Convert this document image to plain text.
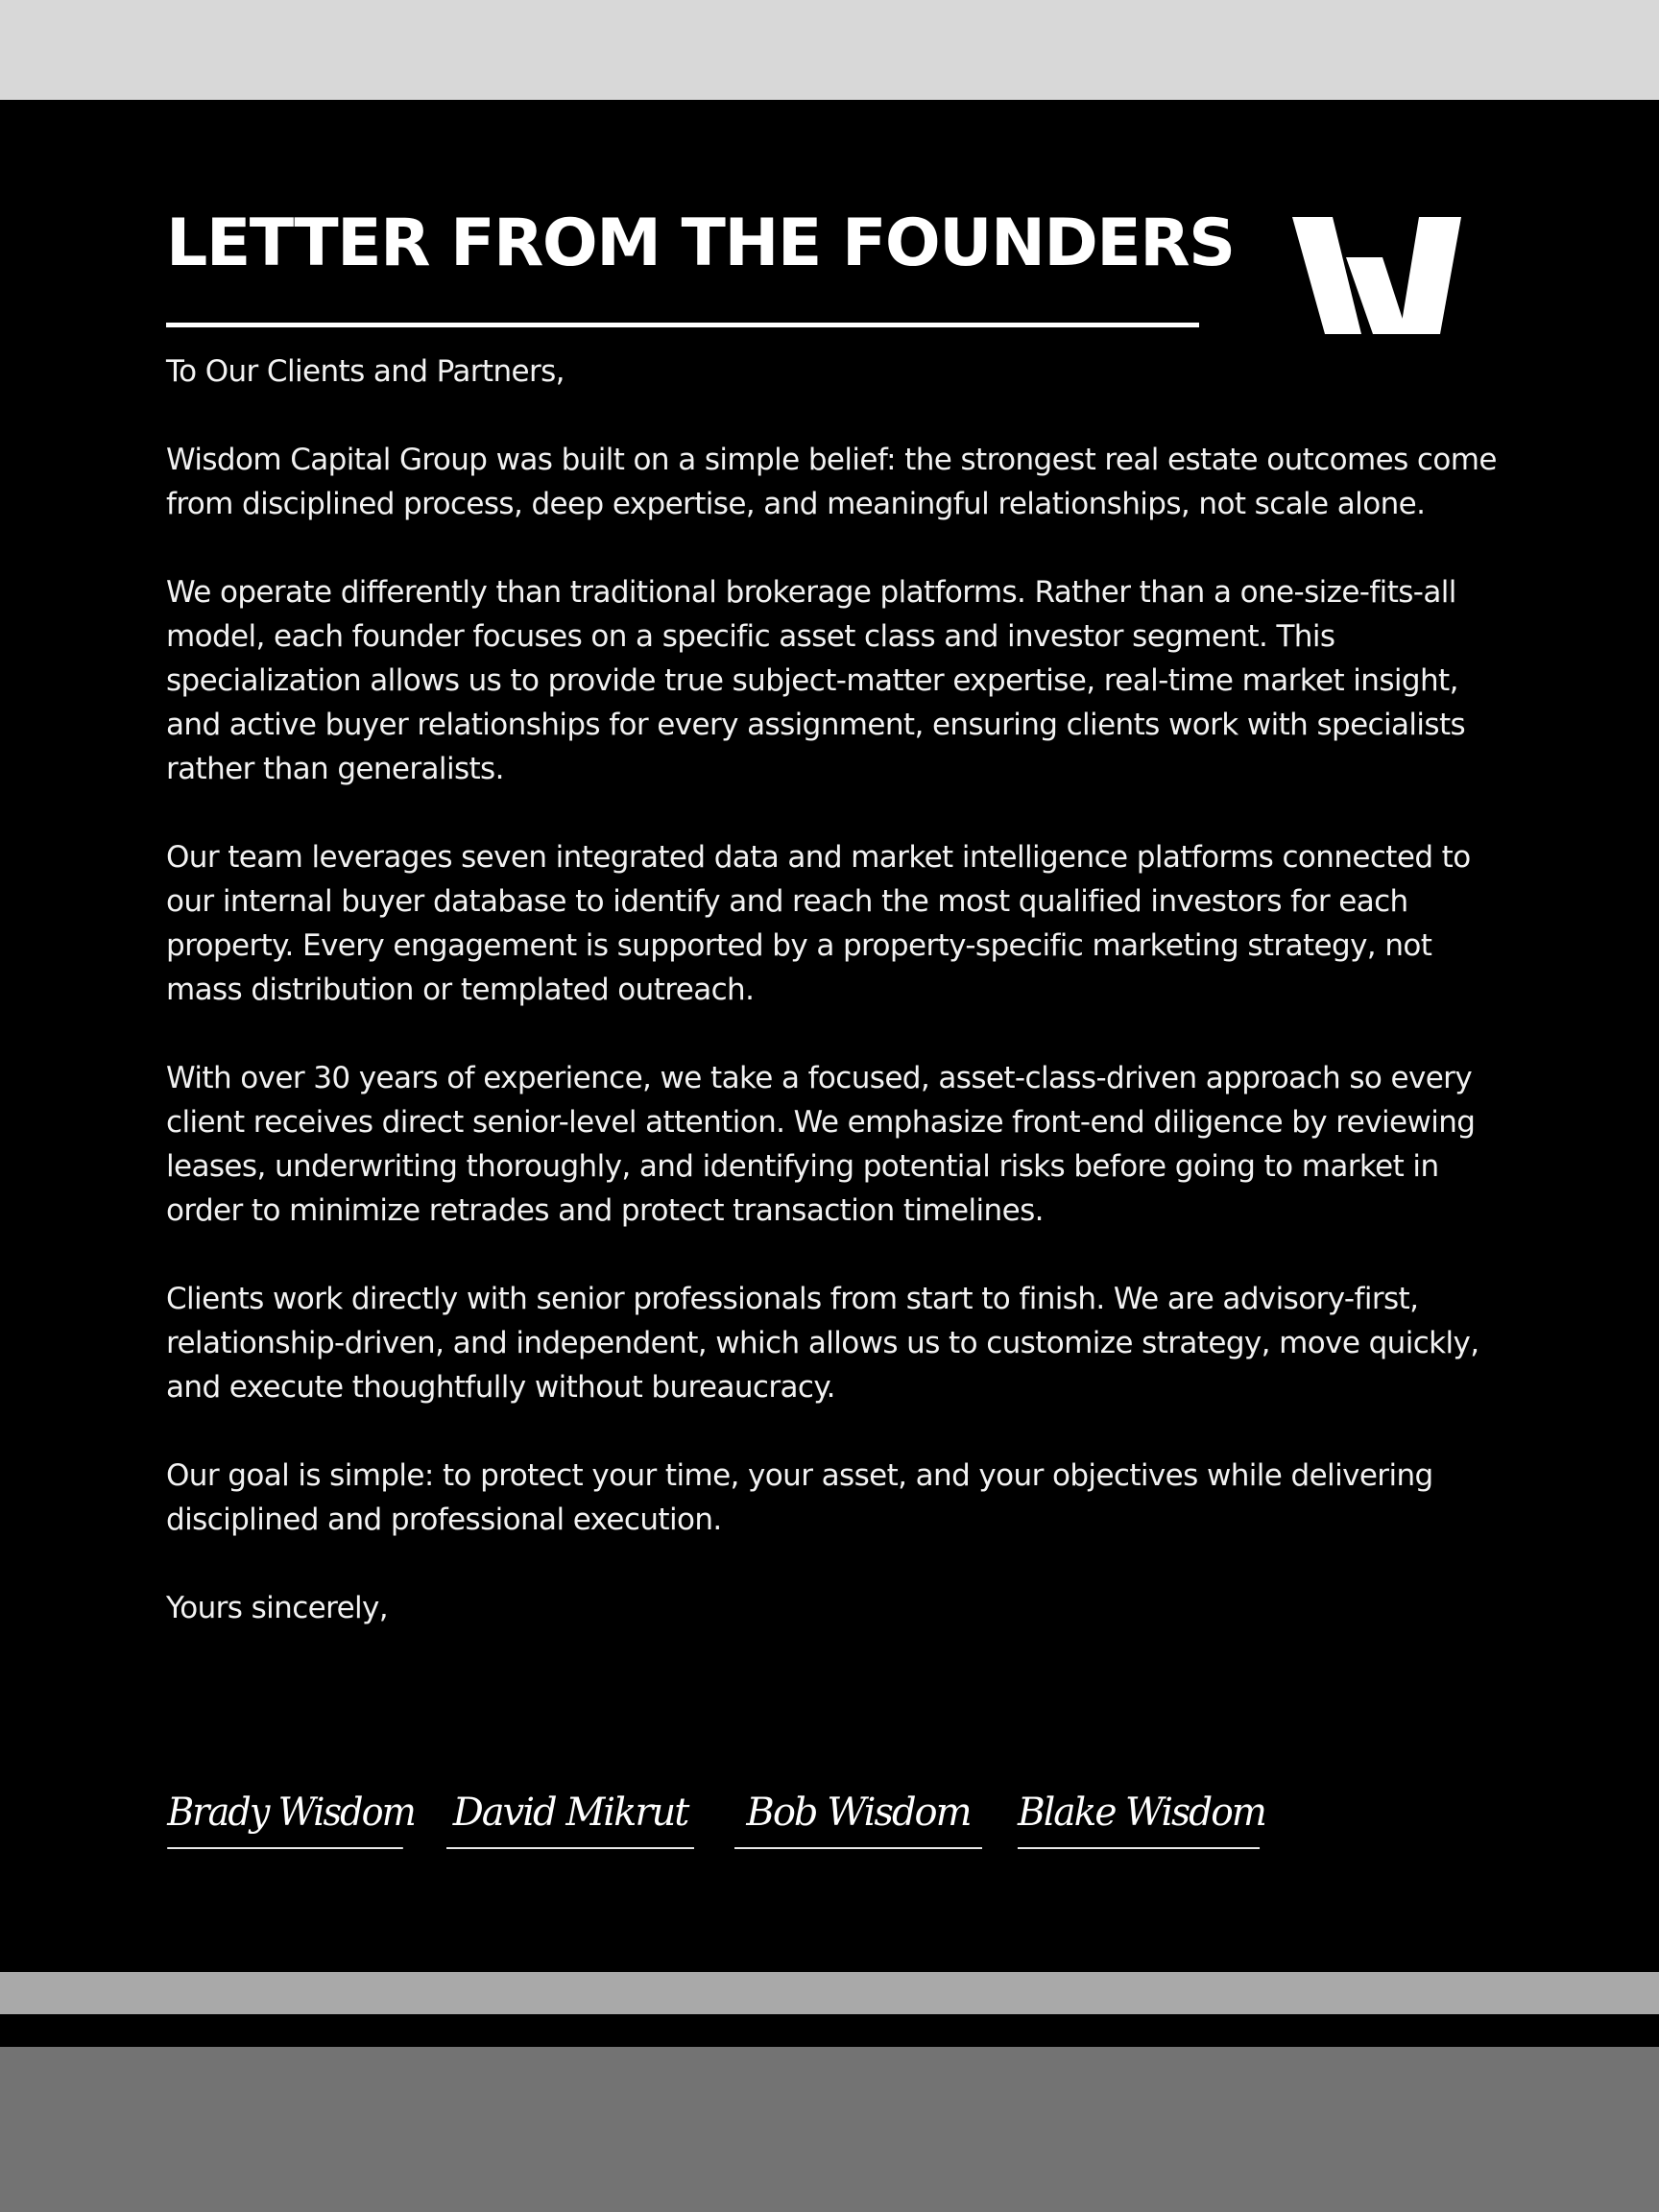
LETTER FROM THE FOUNDERS

To Our Clients and Partners,

Wisdom Capital Group was built on a simple belief: the strongest real estate outcomes come from disciplined process, deep expertise, and meaningful relationships, not scale alone.

We operate differently than traditional brokerage platforms. Rather than a one-size-fits-all model, each founder focuses on a specific asset class and investor segment. This specialization allows us to provide true subject-matter expertise, real-time market insight, and active buyer relationships for every assignment, ensuring clients work with specialists rather than generalists.

Our team leverages seven integrated data and market intelligence platforms connected to our internal buyer database to identify and reach the most qualified investors for each property. Every engagement is supported by a property-specific marketing strategy, not mass distribution or templated outreach.

With over 30 years of experience, we take a focused, asset-class-driven approach so every client receives direct senior-level attention. We emphasize front-end diligence by reviewing leases, underwriting thoroughly, and identifying potential risks before going to market in order to minimize retrades and protect transaction timelines.

Clients work directly with senior professionals from start to finish. We are advisory-first, relationship-driven, and independent, which allows us to customize strategy, move quickly, and execute thoughtfully without bureaucracy.

Our goal is simple: to protect your time, your asset, and your objectives while delivering disciplined and professional execution.

Yours sincerely,

Brady Wisdom David Mikrut	Bob Wisdom	Blake Wisdom
